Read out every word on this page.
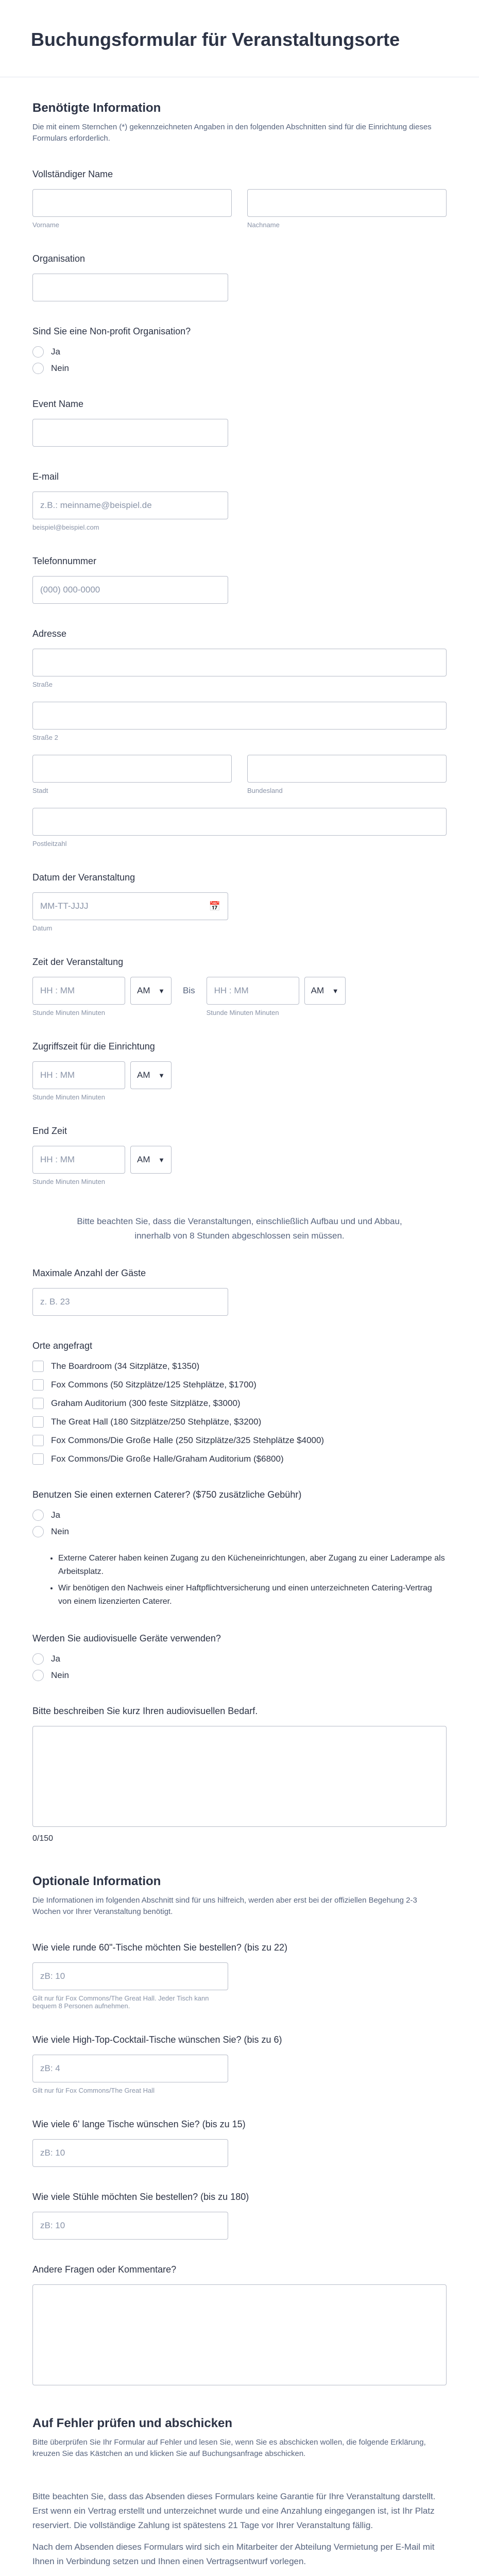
Buchungsformular für Veranstaltungsorte
Benötigte Information

Die mit einem Sternchen (*) gekennzeichneten Angaben in den folgenden Abschnitten sind für die Einrichtung dieses Formulars erforderlich.

Vollständiger Name
Vorname	Nachname
Organisation
Sind Sie eine Non-profit Organisation?
Ja
Nein
Event Name
E-mail
z.B.: meinname@beispiel.de
beispiel@beispiel.com
Telefonnummer
(000) 000-0000
Adresse
Straße
Straße 2
Stadt	Bundesland
Postleitzahl
Datum der Veranstaltung
MM-TT-JJJJ	📅
Datum
Zeit der Veranstaltung
HH : MM	AM ▼
Stunde Minuten Minuten
Bis	HH : MM	AM ▼
Stunde Minuten Minuten
Zugriffszeit für die Einrichtung
HH : MM	AM ▼
Stunde Minuten Minuten
End Zeit
HH : MM	AM ▼
Stunde Minuten Minuten

Bitte beachten Sie, dass die Veranstaltungen, einschließlich Aufbau und und Abbau, innerhalb von 8 Stunden abgeschlossen sein müssen.

Maximale Anzahl der Gäste
z. B. 23
Orte angefragt
The Boardroom (34 Sitzplätze, $1350)
Fox Commons (50 Sitzplätze/125 Stehplätze, $1700)
Graham Auditorium (300 feste Sitzplätze, $3000)
The Great Hall (180 Sitzplätze/250 Stehplätze, $3200)
Fox Commons/Die Große Halle (250 Sitzplätze/325 Stehplätze $4000)
Fox Commons/Die Große Halle/Graham Auditorium ($6800)
Benutzen Sie einen externen Caterer? ($750 zusätzliche Gebühr)
Ja
Nein
• Externe Caterer haben keinen Zugang zu den Kücheneinrichtungen, aber Zugang zu einer Laderampe als Arbeitsplatz.
• Wir benötigen den Nachweis einer Haftpflichtversicherung und einen unterzeichneten Catering-Vertrag von einem lizenzierten Caterer.
Werden Sie audiovisuelle Geräte verwenden?
Ja
Nein
Bitte beschreiben Sie kurz Ihren audiovisuellen Bedarf.
0/150
Optionale Information

Die Informationen im folgenden Abschnitt sind für uns hilfreich, werden aber erst bei der offiziellen Begehung 2-3 Wochen vor Ihrer Veranstaltung benötigt.

Wie viele runde 60"-Tische möchten Sie bestellen? (bis zu 22)
zB: 10
Gilt nur für Fox Commons/The Great Hall. Jeder Tisch kann bequem 8 Personen aufnehmen.
Wie viele High-Top-Cocktail-Tische wünschen Sie? (bis zu 6)
zB: 4
Gilt nur für Fox Commons/The Great Hall
Wie viele 6' lange Tische wünschen Sie? (bis zu 15)
zB: 10
Wie viele Stühle möchten Sie bestellen? (bis zu 180)
zB: 10
Andere Fragen oder Kommentare?
Auf Fehler prüfen und abschicken

Bitte überprüfen Sie Ihr Formular auf Fehler und lesen Sie, wenn Sie es abschicken wollen, die folgende Erklärung, kreuzen Sie das Kästchen an und klicken Sie auf Buchungsanfrage abschicken.

Bitte beachten Sie, dass das Absenden dieses Formulars keine Garantie für Ihre Veranstaltung darstellt. Erst wenn ein Vertrag erstellt und unterzeichnet wurde und eine Anzahlung eingegangen ist, ist Ihr Platz reserviert. Die vollständige Zahlung ist spätestens 21 Tage vor Ihrer Veranstaltung fällig.

Nach dem Absenden dieses Formulars wird sich ein Mitarbeiter der Abteilung Vermietung per E-Mail mit Ihnen in Verbindung setzen und Ihnen einen Vertragsentwurf vorlegen.
